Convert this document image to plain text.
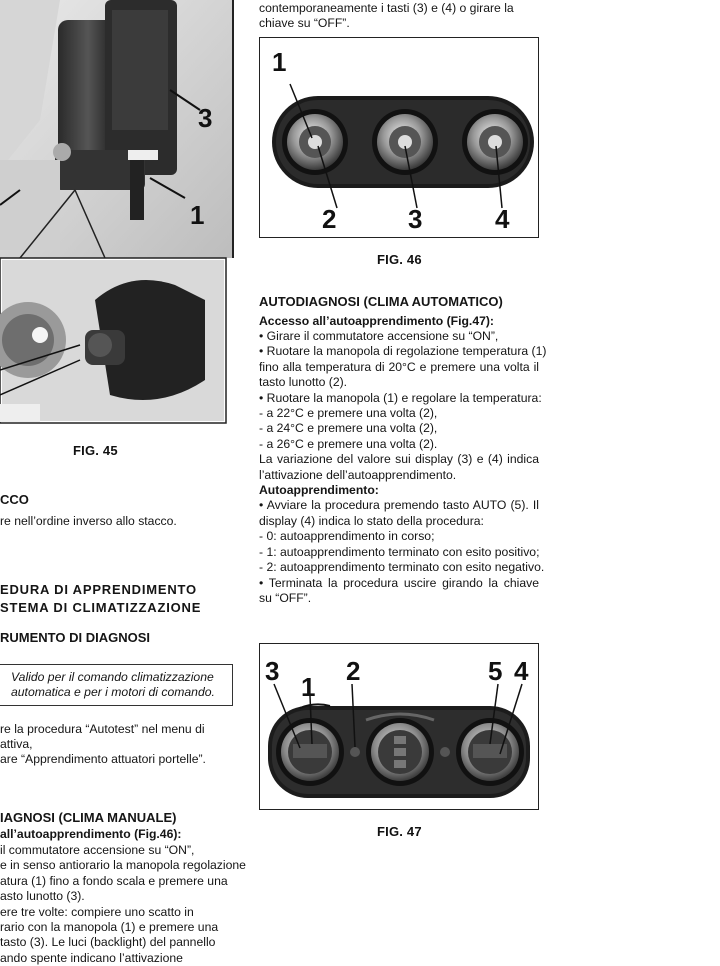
3
1
FIG. 45
CCO
re nell’ordine inverso allo stacco.
EDURA DI APPRENDIMENTO
STEMA DI CLIMATIZZAZIONE
RUMENTO DI DIAGNOSI
Valido per il comando climatizzazione
automatica e per i motori di comando.
re la procedura “Autotest” nel menu di
attiva,
are “Apprendimento attuatori portelle”.
IAGNOSI (CLIMA MANUALE)
all’autoapprendimento (Fig.46):
il commutatore accensione su “ON”,
e in senso antiorario la manopola regolazione
atura (1) fino a fondo scala e premere una
asto lunotto (3).
ere tre volte: compiere uno scatto in
rario con la manopola (1) e premere una
tasto (3). Le luci (backlight) del pannello
ando spente indicano l’attivazione
contemporaneamente i tasti (3) e (4) o girare la
chiave su “OFF”.
1
2	3	4
FIG. 46
AUTODIAGNOSI (CLIMA AUTOMATICO)
Accesso all’autoapprendimento (Fig.47):
• Girare il commutatore accensione su “ON”,
• Ruotare la manopola di regolazione temperatura (1)
fino alla temperatura di 20°C e premere una volta il
tasto lunotto (2).
• Ruotare la manopola (1) e regolare la temperatura:
- a 22°C e premere una volta (2),
- a 24°C e premere una volta (2),
- a 26°C e premere una volta (2).
La variazione del valore sui display (3) e (4) indica
l’attivazione dell’autoapprendimento.
Autoapprendimento:
• Avviare la procedura premendo tasto AUTO (5). Il
display (4) indica lo stato della procedura:
- 0: autoapprendimento in corso;
- 1: autoapprendimento terminato con esito positivo;
- 2: autoapprendimento terminato con esito negativo.
• Terminata la procedura uscire girando la chiave
su “OFF”.
3
1
2	5 4
FIG. 47
